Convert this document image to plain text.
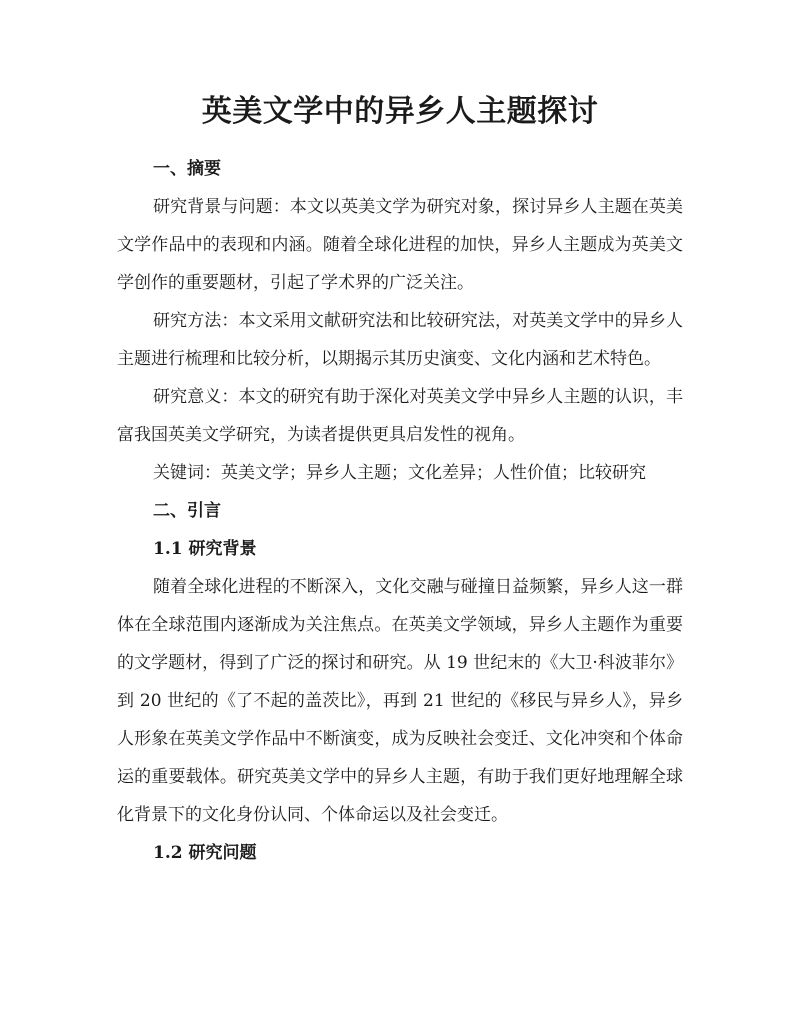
英美文学中的异乡人主题探讨
一、摘要

研究背景与问题：本文以英美文学为研究对象，探讨异乡人主题在英美文学作品中的表现和内涵。随着全球化进程的加快，异乡人主题成为英美文学创作的重要题材，引起了学术界的广泛关注。

研究方法：本文采用文献研究法和比较研究法，对英美文学中的异乡人主题进行梳理和比较分析，以期揭示其历史演变、文化内涵和艺术特色。

研究意义：本文的研究有助于深化对英美文学中异乡人主题的认识，丰富我国英美文学研究，为读者提供更具启发性的视角。

关键词：英美文学；异乡人主题；文化差异；人性价值；比较研究

二、引言
1.1 研究背景

随着全球化进程的不断深入，文化交融与碰撞日益频繁，异乡人这一群体在全球范围内逐渐成为关注焦点。在英美文学领域，异乡人主题作为重要的文学题材，得到了广泛的探讨和研究。从 19 世纪末的《大卫·科波菲尔》到 20 世纪的《了不起的盖茨比》，再到 21 世纪的《移民与异乡人》，异乡人形象在英美文学作品中不断演变，成为反映社会变迁、文化冲突和个体命运的重要载体。研究英美文学中的异乡人主题，有助于我们更好地理解全球化背景下的文化身份认同、个体命运以及社会变迁。

1.2 研究问题
